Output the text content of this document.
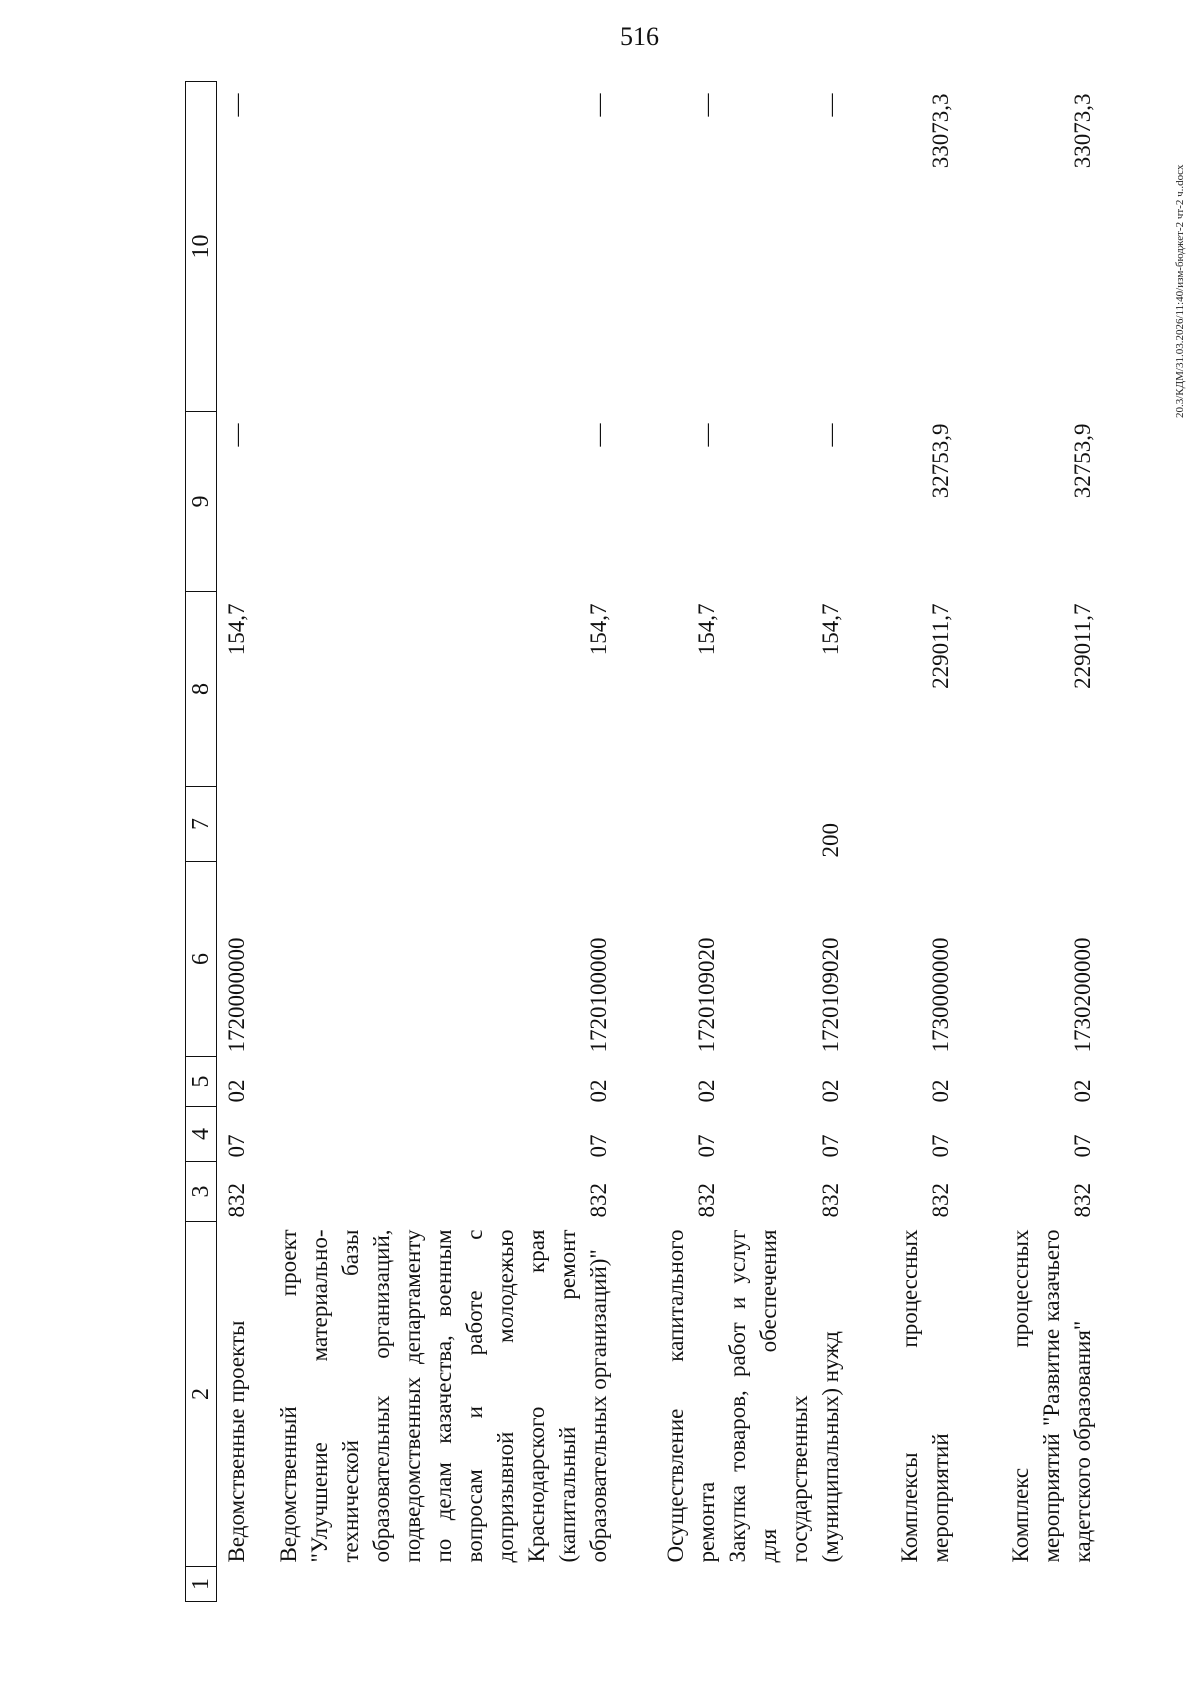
516
1	2	3	4	5	6	7	8	9	10
	Ведомственные проекты	832	07	02	1720000000		154,7	—	—
	Ведомственный проект "Улучшение материально-технической базы образовательных организаций, подведомственных департаменту по делам казачества, военным вопросам и работе с допризывной молодежью Краснодарского края (капитальный ремонт образовательных организаций)"	832	07	02	1720100000		154,7	—	—
	Осуществление капитального ремонта	832	07	02	1720109020		154,7	—	—
	Закупка товаров, работ и услуг для обеспечения государственных (муниципальных) нужд	832	07	02	1720109020	200	154,7	—	—
	Комплексы процессных мероприятий	832	07	02	1730000000		229011,7	32753,9	33073,3
	Комплекс процессных мероприятий "Развитие казачьего кадетского образования"	832	07	02	1730200000		229011,7	32753,9	33073,3
20.3/КДМ/31.03.2026/11:40/изм-бюджет-2 чт-2 ч..docx
